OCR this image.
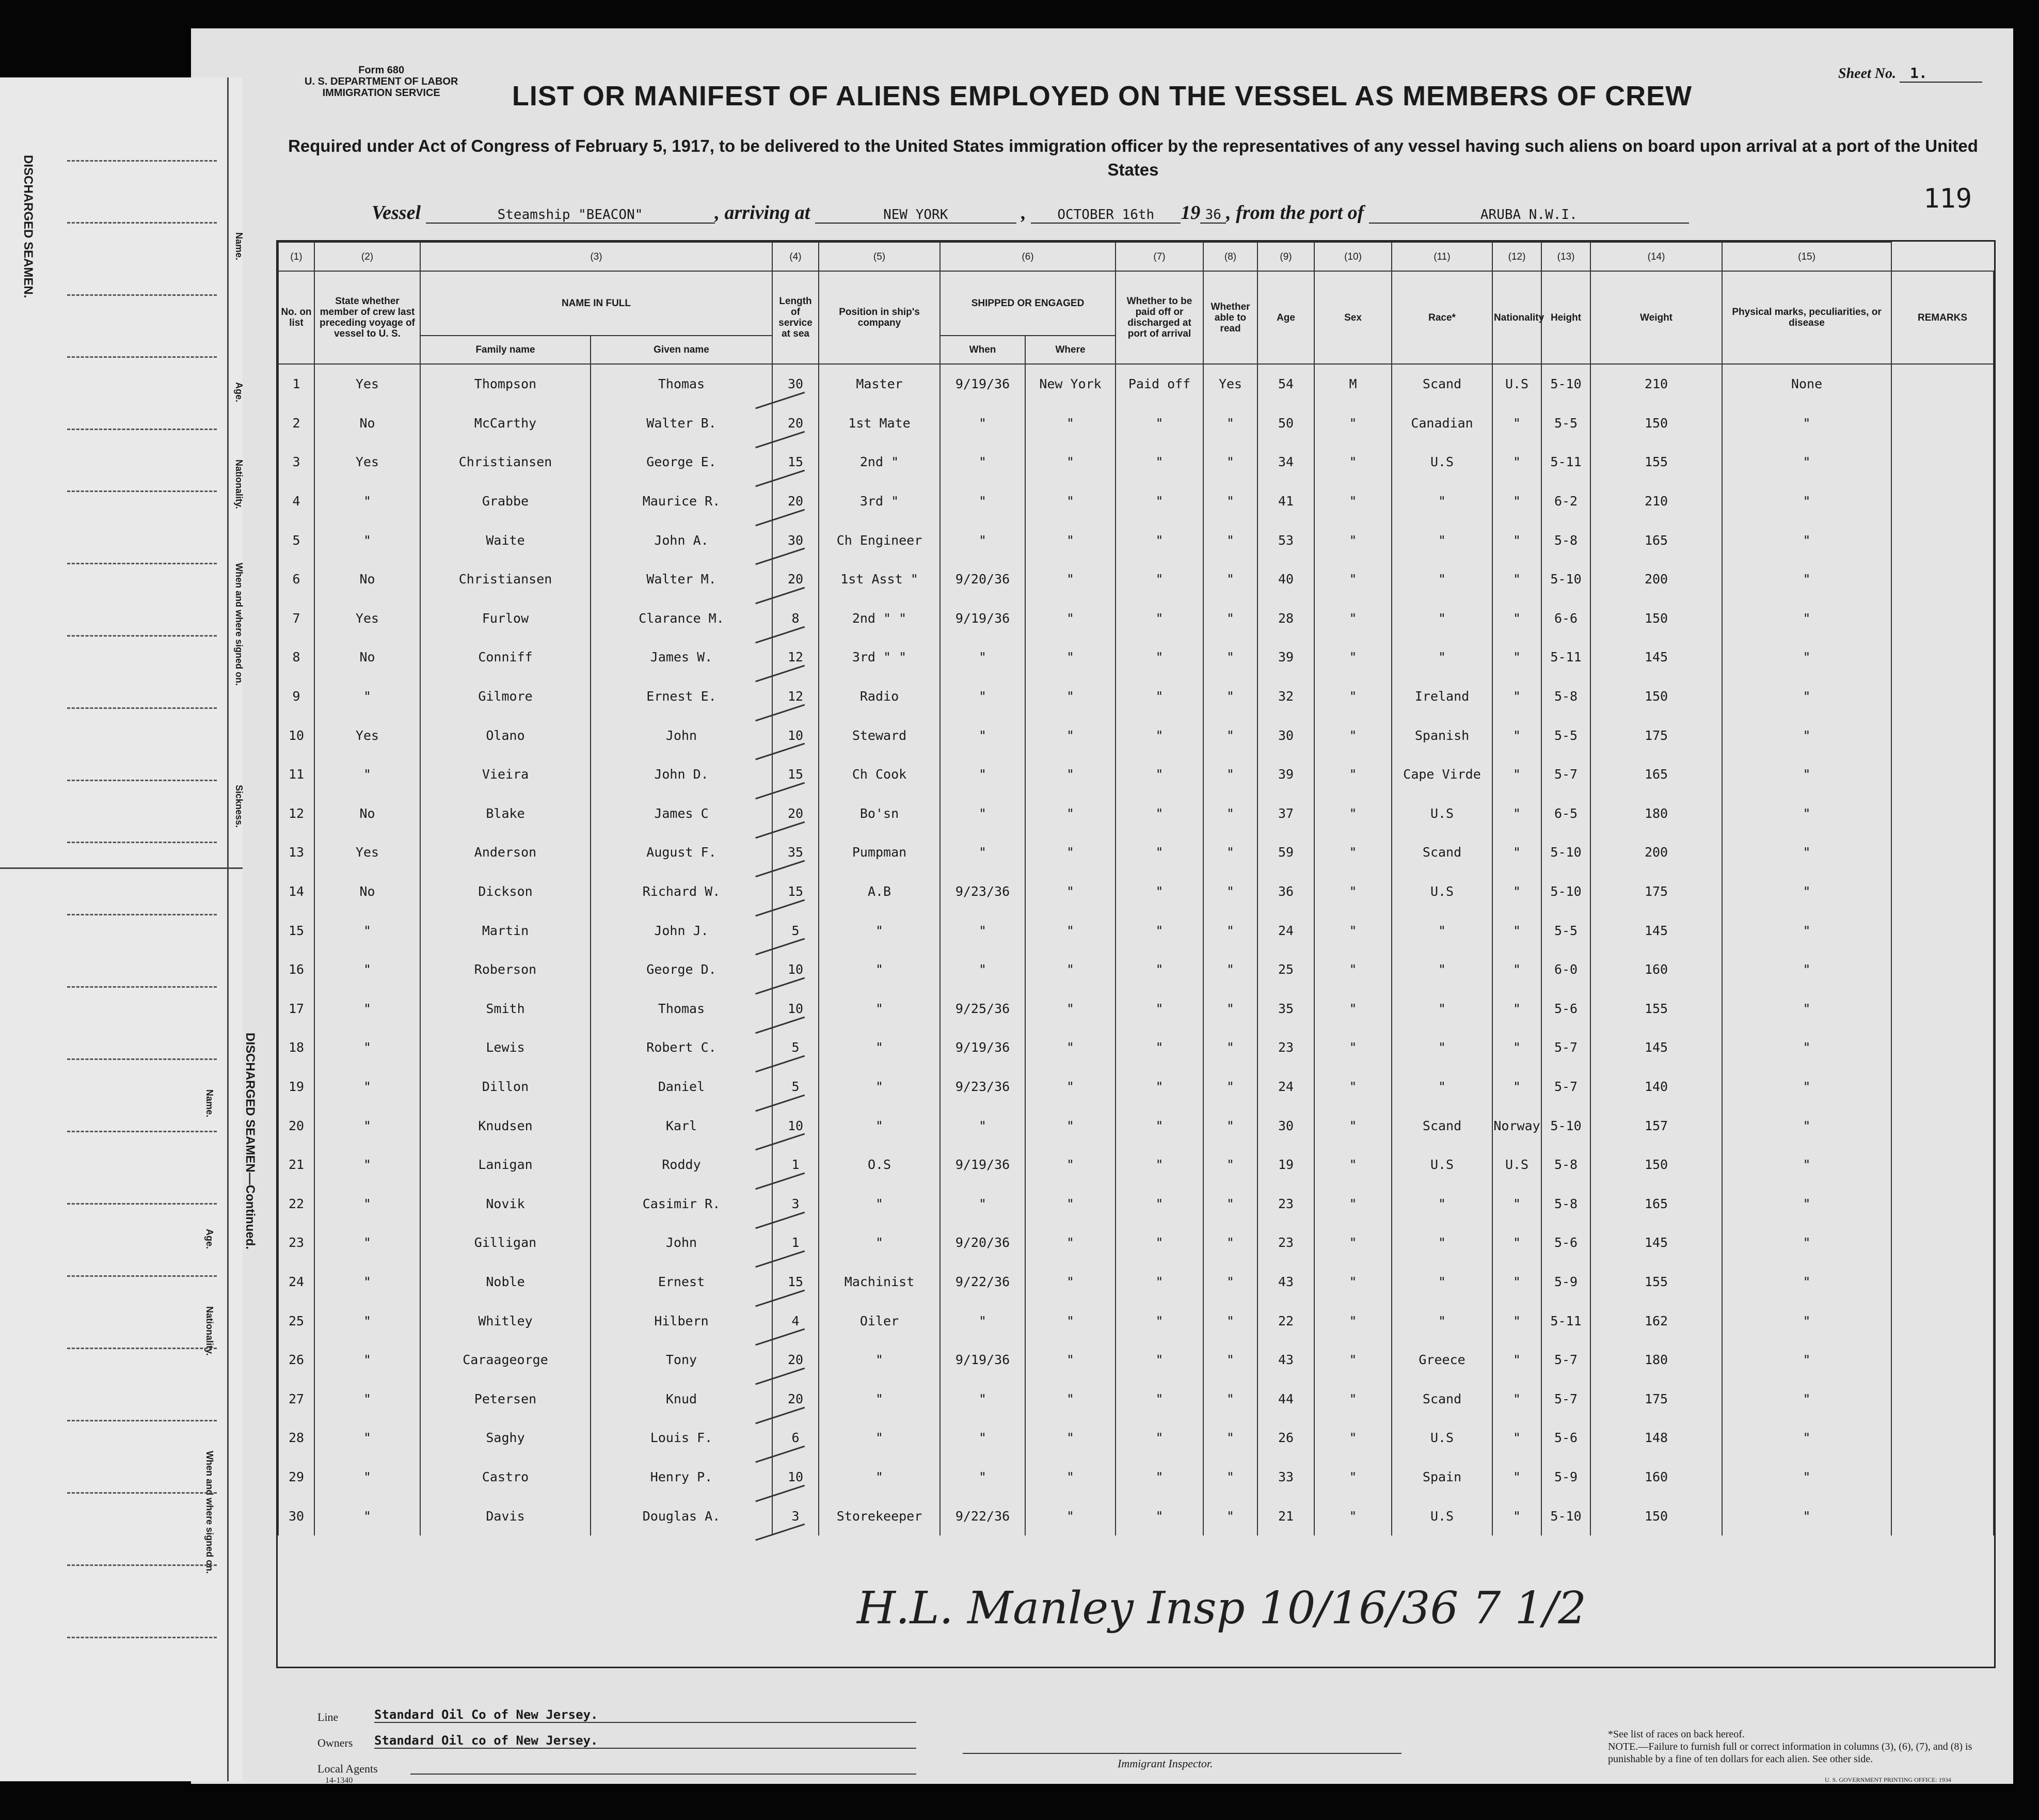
Form 680
U. S. DEPARTMENT OF LABOR
IMMIGRATION SERVICE
Sheet No. 1.
LIST OR MANIFEST OF ALIENS EMPLOYED ON THE VESSEL AS MEMBERS OF CREW
Required under Act of Congress of February 5, 1917, to be delivered to the United States immigration officer by the representatives of any vessel having such aliens on board upon arrival at a port of the United States
119
Vessel	Steamship "BEACON"	, arriving at	NEW YORK	, OCTOBER 16th 19 36 , from the port of	ARUBA N.W.I.
(1)	(2)	(3)		(4)	(5)	(6)		(7)	(8)	(9)	(10)	(11)	(12)	(13)	(14)	(15)	
No. on list	State whether member of crew last preceding voyage of vessel to U. S.	NAME IN FULL		Length of service at sea	Position in ship's company	SHIPPED OR ENGAGED		Whether to be paid off or discharged at port of arrival	Whether able to read	Age	Sex	Race*	Nationality	Height	Weight	Physical marks, peculiarities, or disease	REMARKS
		Family name	Given name			When	Where										
1	Yes	Thompson	Thomas	30	Master	9/19/36	New York	Paid off	Yes	54	M	Scand	U.S	5-10	210	None	
2	No	McCarthy	Walter B.	20	1st Mate	"	"	"	"	50	"	Canadian	"	5-5	150	"	
3	Yes	Christiansen	George E.	15	2nd "	"	"	"	"	34	"	U.S	"	5-11	155	"	
4	"	Grabbe	Maurice R.	20	3rd "	"	"	"	"	41	"	"	"	6-2	210	"	
5	"	Waite	John A.	30	Ch Engineer	"	"	"	"	53	"	"	"	5-8	165	"	
6	No	Christiansen	Walter M.	20	1st Asst "	9/20/36	"	"	"	40	"	"	"	5-10	200	"	
7	Yes	Furlow	Clarance M.	8	2nd " "	9/19/36	"	"	"	28	"	"	"	6-6	150	"	
8	No	Conniff	James W.	12	3rd " "	"	"	"	"	39	"	"	"	5-11	145	"	
9	"	Gilmore	Ernest E.	12	Radio	"	"	"	"	32	"	Ireland	"	5-8	150	"	
10	Yes	Olano	John	10	Steward	"	"	"	"	30	"	Spanish	"	5-5	175	"	
11	"	Vieira	John D.	15	Ch Cook	"	"	"	"	39	"	Cape Virde	"	5-7	165	"	
12	No	Blake	James C	20	Bo'sn	"	"	"	"	37	"	U.S	"	6-5	180	"	
13	Yes	Anderson	August F.	35	Pumpman	"	"	"	"	59	"	Scand	"	5-10	200	"	
14	No	Dickson	Richard W.	15	A.B	9/23/36	"	"	"	36	"	U.S	"	5-10	175	"	
15	"	Martin	John J.	5	"	"	"	"	"	24	"	"	"	5-5	145	"	
16	"	Roberson	George D.	10	"	"	"	"	"	25	"	"	"	6-0	160	"	
17	"	Smith	Thomas	10	"	9/25/36	"	"	"	35	"	"	"	5-6	155	"	
18	"	Lewis	Robert C.	5	"	9/19/36	"	"	"	23	"	"	"	5-7	145	"	
19	"	Dillon	Daniel	5	"	9/23/36	"	"	"	24	"	"	"	5-7	140	"	
20	"	Knudsen	Karl	10	"	"	"	"	"	30	"	Scand	Norway	5-10	157	"	
21	"	Lanigan	Roddy	1	O.S	9/19/36	"	"	"	19	"	U.S	U.S	5-8	150	"	
22	"	Novik	Casimir R.	3	"	"	"	"	"	23	"	"	"	5-8	165	"	
23	"	Gilligan	John	1	"	9/20/36	"	"	"	23	"	"	"	5-6	145	"	
24	"	Noble	Ernest	15	Machinist	9/22/36	"	"	"	43	"	"	"	5-9	155	"	
25	"	Whitley	Hilbern	4	Oiler	"	"	"	"	22	"	"	"	5-11	162	"	
26	"	Caraageorge	Tony	20	"	9/19/36	"	"	"	43	"	Greece	"	5-7	180	"	
27	"	Petersen	Knud	20	"	"	"	"	"	44	"	Scand	"	5-7	175	"	
28	"	Saghy	Louis F.	6	"	"	"	"	"	26	"	U.S	"	5-6	148	"	
29	"	Castro	Henry P.	10	"	"	"	"	"	33	"	Spain	"	5-9	160	"	
30	"	Davis	Douglas A.	3	Storekeeper	9/22/36	"	"	"	21	"	U.S	"	5-10	150	"	
H.L. Manley Insp 10/16/36 7 1/2
Line	Standard Oil Co of New Jersey.
Owners Standard Oil co of New Jersey.
Local Agents
14-1340
Immigrant Inspector.
*See list of races on back hereof.
NOTE.—Failure to furnish full or correct information in columns (3), (6), (7), and (8) is punishable by a fine of ten dollars for each alien. See other side.
U. S. GOVERNMENT PRINTING OFFICE: 1934
DISCHARGED SEAMEN.
DISCHARGED SEAMEN—Continued.
Name.
Age.
Nationality.
When and where signed on.
Sickness.
Name.
Age.
Nationality.
When and where signed on.
